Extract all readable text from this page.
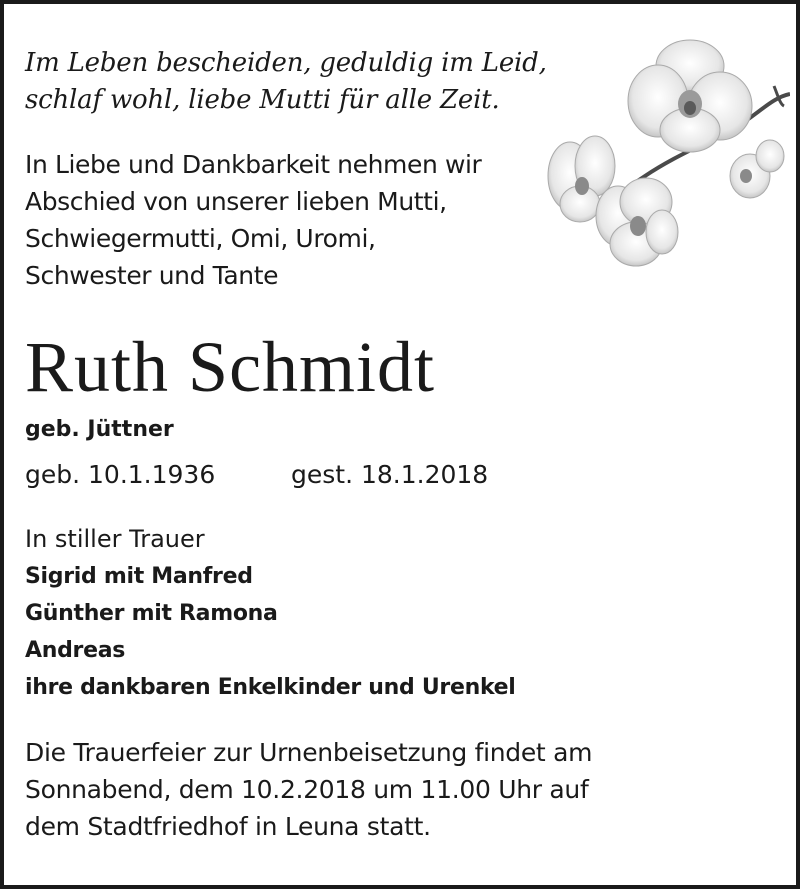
Im Leben bescheiden, geduldig im Leid,
schlaf wohl, liebe Mutti für alle Zeit.
In Liebe und Dankbarkeit nehmen wir
Abschied von unserer lieben Mutti,
Schwiegermutti, Omi, Uromi,
Schwester und Tante
Ruth Schmidt
geb. Jüttner
geb. 10.1.1936	gest. 18.1.2018
In stiller Trauer
Sigrid mit Manfred
Günther mit Ramona
Andreas
ihre dankbaren Enkelkinder und Urenkel
Die Trauerfeier zur Urnenbeisetzung findet am
Sonnabend, dem 10.2.2018 um 11.00 Uhr auf
dem Stadtfriedhof in Leuna statt.
